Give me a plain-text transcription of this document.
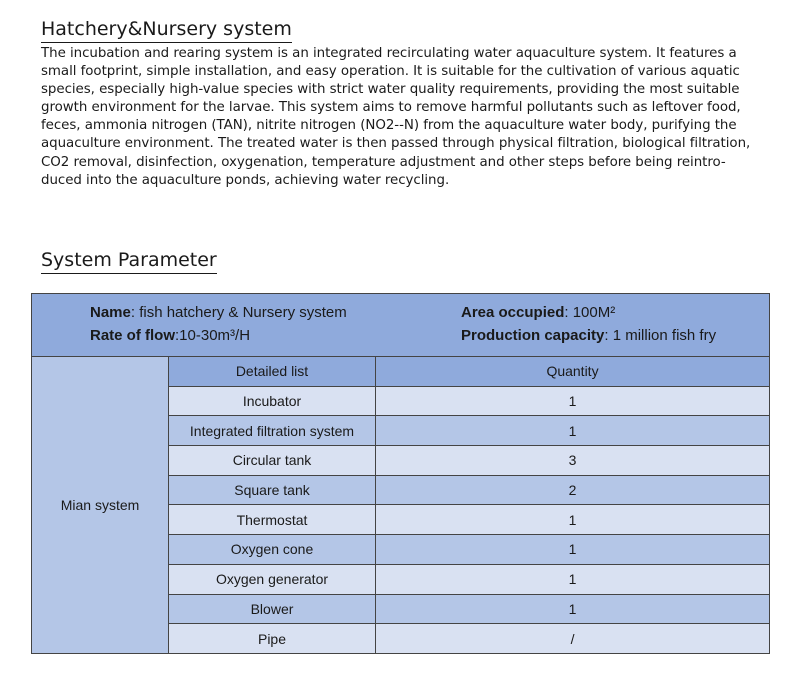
Hatchery&Nursery system
The incubation and rearing system is an integrated recirculating water aquaculture system. It features a
small footprint, simple installation, and easy operation. It is suitable for the cultivation of various aquatic
species, especially high-value species with strict water quality requirements, providing the most suitable
growth environment for the larvae. This system aims to remove harmful pollutants such as leftover food,
feces, ammonia nitrogen (TAN), nitrite nitrogen (NO2--N) from the aquaculture water body, purifying the
aquaculture environment. The treated water is then passed through physical filtration, biological filtration,
CO2 removal, disinfection, oxygenation, temperature adjustment and other steps before being reintro-
duced into the aquaculture ponds, achieving water recycling.
System Parameter
Name: fish hatchery & Nursery system
Rate of flow:10-30m³/H
Area occupied: 100M²
Production capacity: 1 million fish fry		

Mian system	Detailed list	Quantity
	Incubator	1
	Integrated filtration system	1
	Circular tank	3
	Square tank	2
	Thermostat	1
	Oxygen cone	1
	Oxygen generator	1
	Blower	1
	Pipe	/
